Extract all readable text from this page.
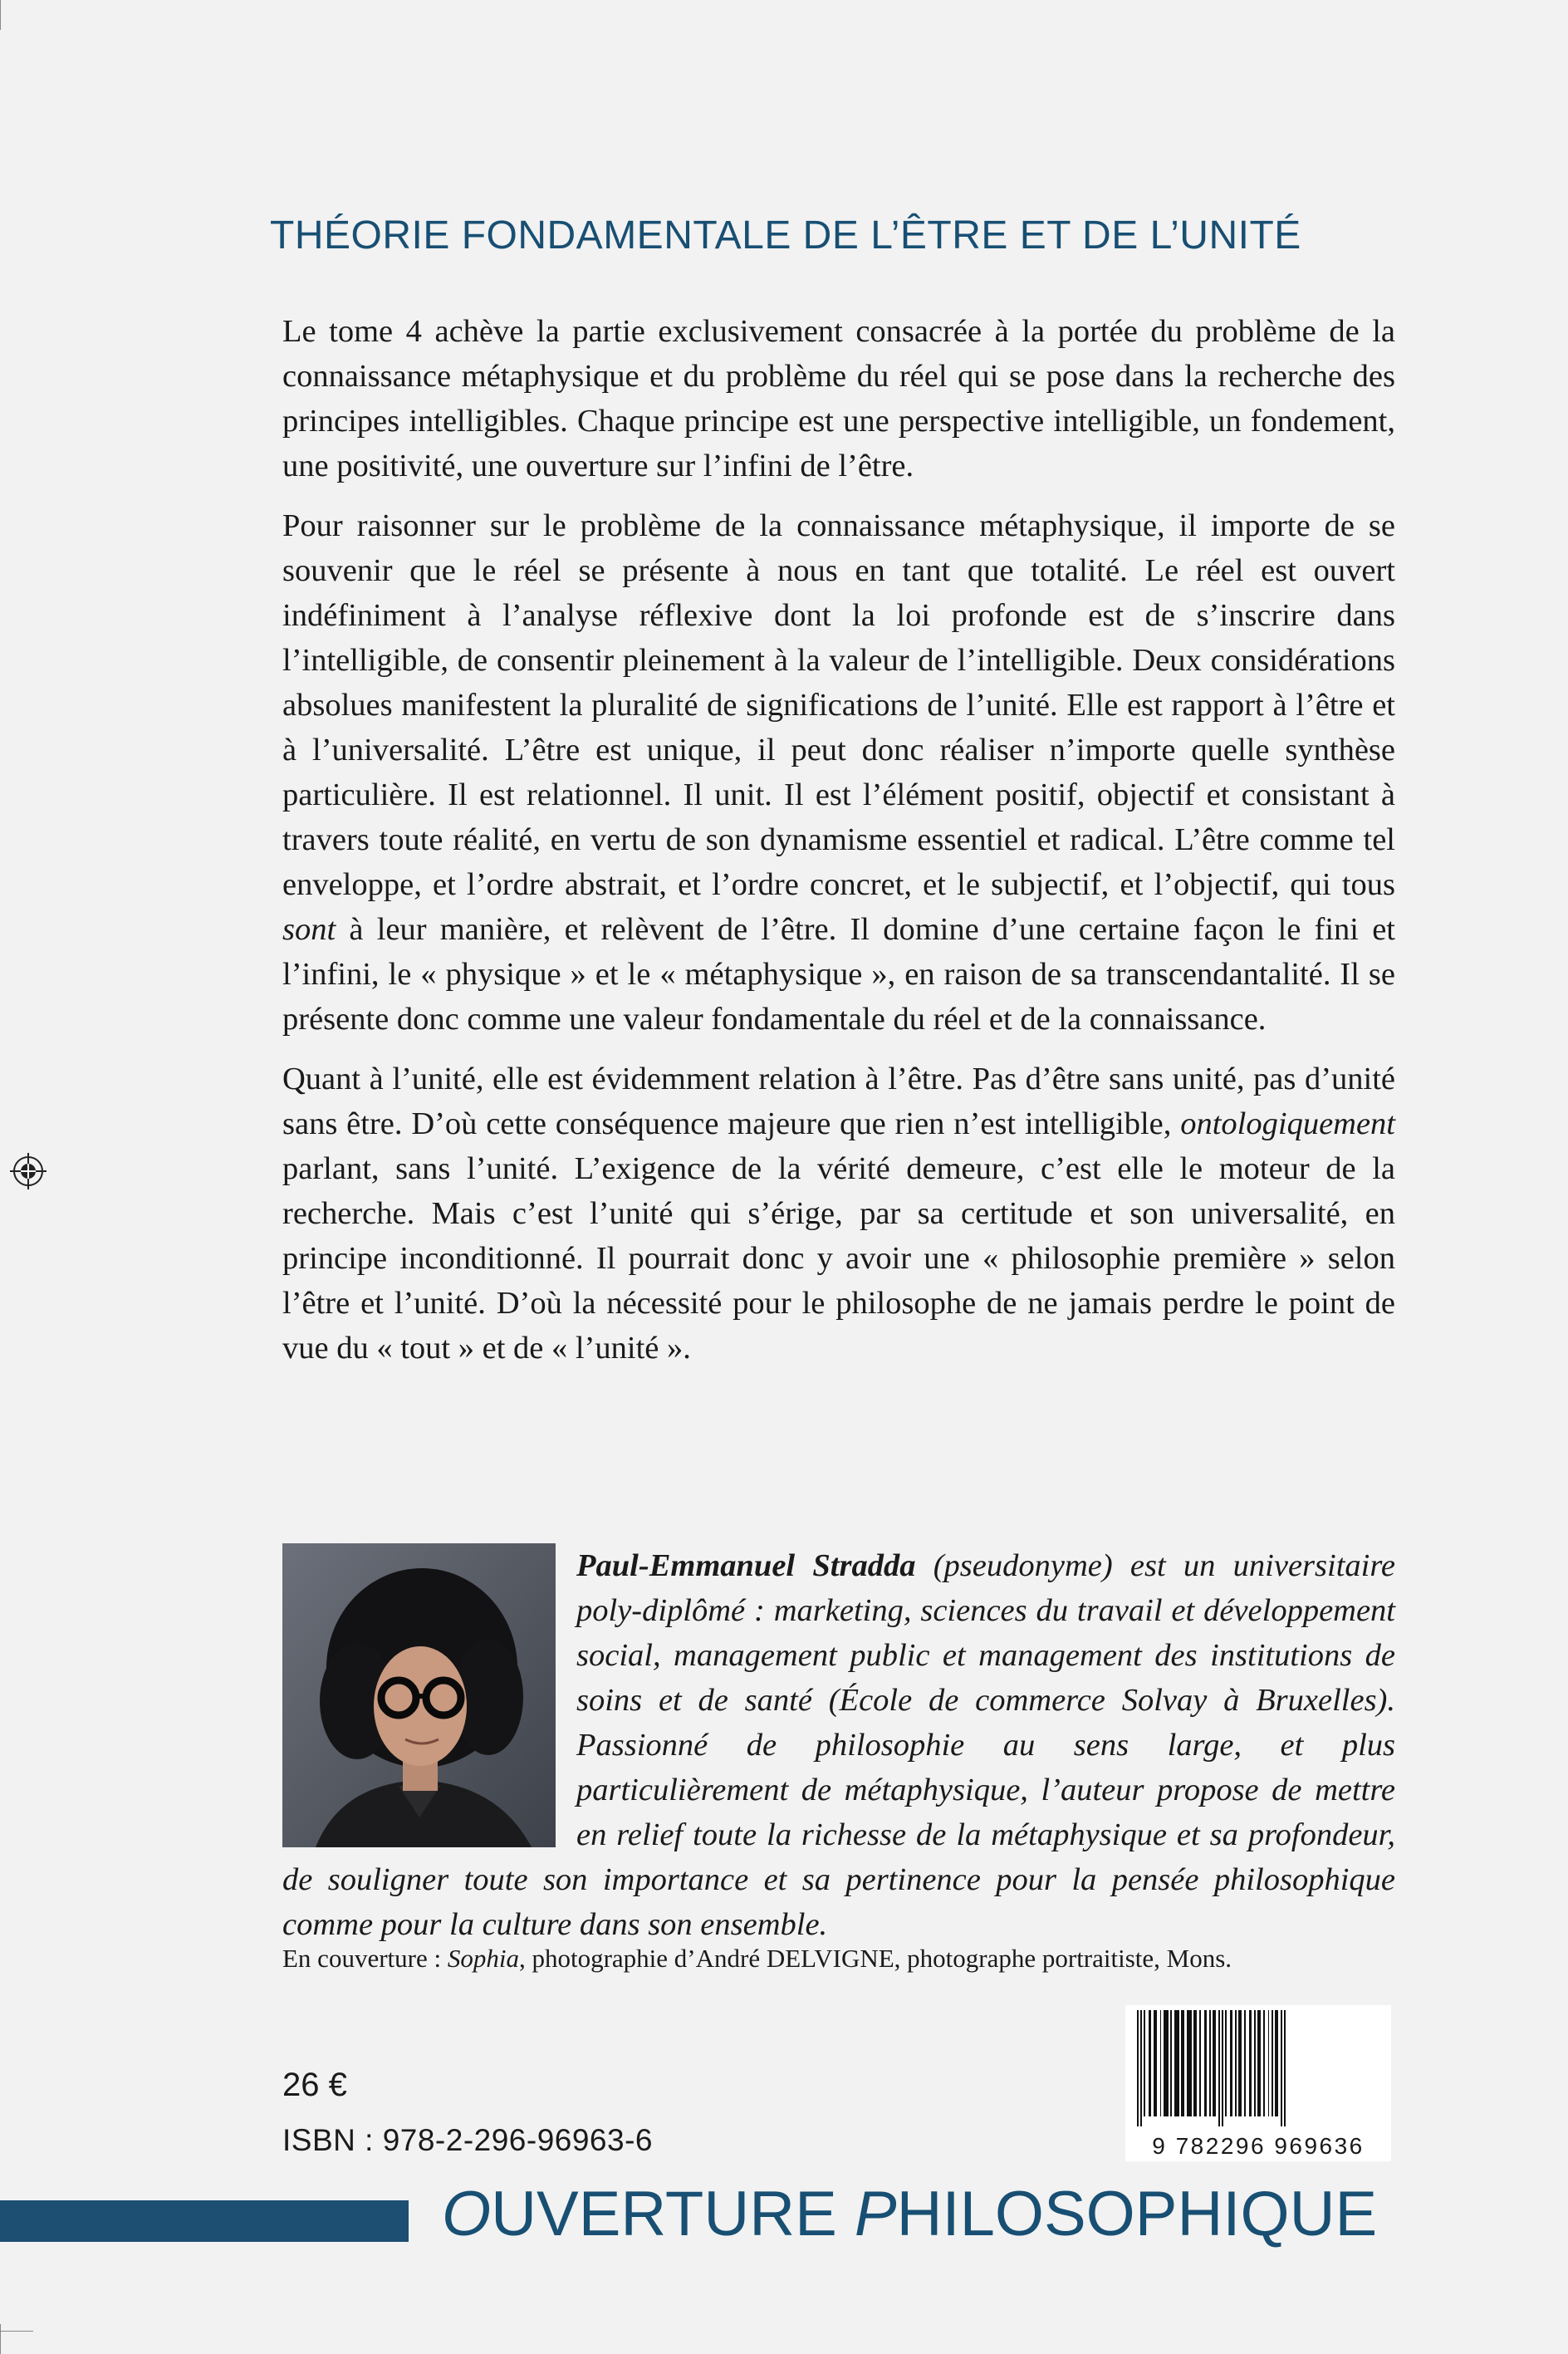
THÉORIE FONDAMENTALE DE L’ÊTRE ET DE L’UNITÉ

Le tome 4 achève la partie exclusivement consacrée à la portée du problème de la connaissance métaphysique et du problème du réel qui se pose dans la recherche des principes intelligibles. Chaque principe est une perspective intelligible, un fondement, une positivité, une ouverture sur l’infini de l’être.

Pour raisonner sur le problème de la connaissance métaphysique, il importe de se souvenir que le réel se présente à nous en tant que totalité. Le réel est ouvert indéfiniment à l’analyse réflexive dont la loi profonde est de s’inscrire dans l’intelligible, de consentir pleinement à la valeur de l’intelligible. Deux considérations absolues manifestent la pluralité de significations de l’unité. Elle est rapport à l’être et à l’universalité. L’être est unique, il peut donc réaliser n’importe quelle synthèse particulière. Il est relationnel. Il unit. Il est l’élément positif, objectif et consistant à travers toute réalité, en vertu de son dynamisme essentiel et radical. L’être comme tel enveloppe, et l’ordre abstrait, et l’ordre concret, et le subjectif, et l’objectif, qui tous sont à leur manière, et relèvent de l’être. Il domine d’une certaine façon le fini et l’infini, le « physique » et le « métaphysique », en raison de sa transcendantalité. Il se présente donc comme une valeur fondamentale du réel et de la connaissance.

Quant à l’unité, elle est évidemment relation à l’être. Pas d’être sans unité, pas d’unité sans être. D’où cette conséquence majeure que rien n’est intelligible, ontologiquement parlant, sans l’unité. L’exigence de la vérité demeure, c’est elle le moteur de la recherche. Mais c’est l’unité qui s’érige, par sa certitude et son universalité, en principe inconditionné. Il pourrait donc y avoir une « philosophie première » selon l’être et l’unité. D’où la nécessité pour le philosophe de ne jamais perdre le point de vue du « tout » et de « l’unité ».

Paul-Emmanuel Stradda (pseudonyme) est un universitaire poly-diplômé : marketing, sciences du travail et développement social, management public et management des institutions de soins et de santé (École de commerce Solvay à Bruxelles). Passionné de philosophie au sens large, et plus particulièrement de métaphysique, l’auteur propose de mettre en relief toute la richesse de la métaphysique et sa profondeur, de souligner toute son importance et sa pertinence pour la pensée philosophique comme pour la culture dans son ensemble.
En couverture : Sophia, photographie d’André DELVIGNE, photographe portraitiste, Mons.
26 €
ISBN : 978-2-296-96963-6	9 782296 969636
OUVERTURE PHILOSOPHIQUE
